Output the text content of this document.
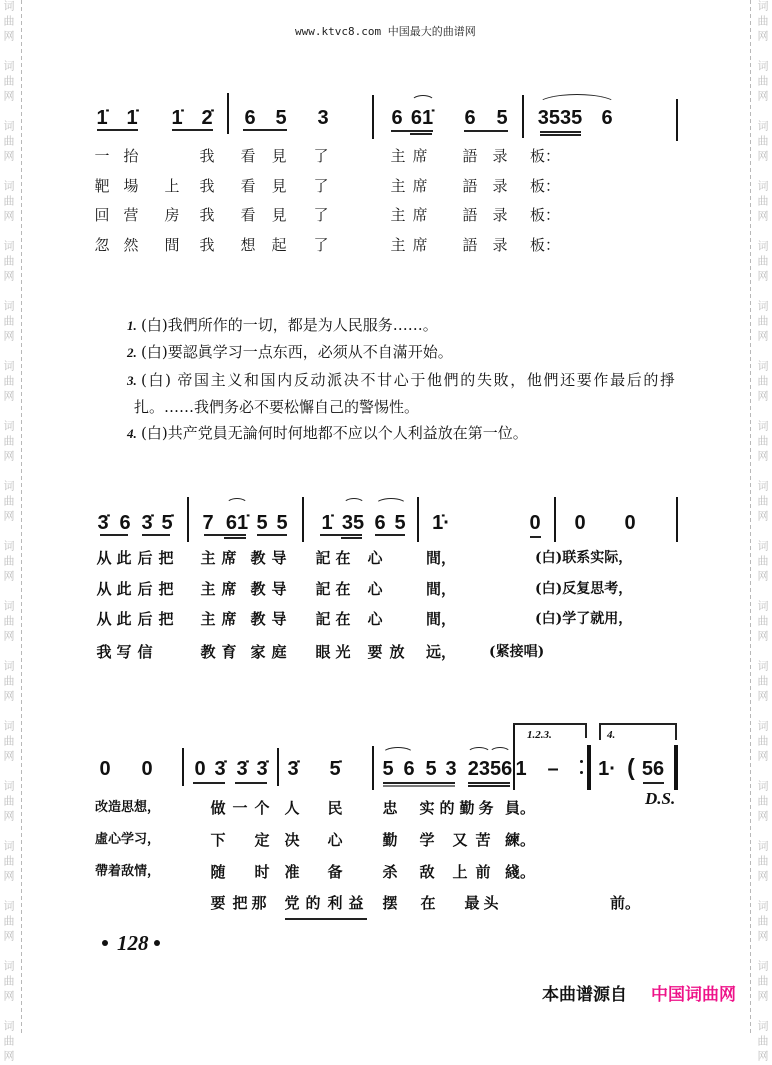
词曲网
词曲网
词曲网
词曲网
词曲网
词曲网
词曲网
词曲网
词曲网
词曲网
词曲网
词曲网
词曲网
词曲网
词曲网
词曲网
词曲网
词曲网
词曲网
词曲网
词曲网
词曲网
词曲网
词曲网
词曲网
词曲网
词曲网
词曲网
词曲网
词曲网
词曲网
词曲网
词曲网
词曲网
词曲网
词曲网
www.ktvc8.com 中国最大的曲谱网
1̇ 1̇ 1̇ 2̇ 6 5 3	6 61̇ 6 5 3535 6
一 抬	我 看 見 了	主 席 語 录 板：
靶 場 上 我 看 見 了	主 席 語 录 板：
回 营 房 我 看 見 了	主 席 語 录 板：
忽 然 間 我 想 起 了	主 席 語 录 板：
1. (白)我們所作的一切，都是为人民服务……。
2. (白)要認眞学习一点东西，必须从不自滿开始。
3. (白) 帝国主义和国内反动派决不甘心于他們的失敗，他們还要作最后的掙
扎。……我們务必不要松懈自己的警惕性。
4. (白)共产党員无論何时何地都不应以个人利益放在第一位。
3̇ 6 3̇ 5̇ 7 61̇ 5 5 1̇ 35 6 5 1̇·	0 0 0
从 此 后 把 主 席 教 导 記 在 心	間，	(白)联系实际，
从 此 后 把 主 席 教 导 記 在 心	間，	(白)反复思考，
从 此 后 把 主 席 教 导 記 在 心	間，	(白)学了就用，
我 写 信	教 育 家 庭 眼 光 要 放 远， (紧接唱)
0 0 0 3̇ 3̇ 3̇ 3̇ 5̇ 5 6 5 3 2356 1 – 1· ( 56
1.2.3.	4.
D.S.
改造思想，	做 一 个 人 民	忠 实 的 勤 务 員。
虛心学习，	下 定 决 心	勤 学 又 苦 練。
帶着敌情，	随 时 准 备	杀 敌 上 前 綫。
要 把 那 党 的 利 益 摆 在 最 头	前。
128
本曲谱源自 中国词曲网
